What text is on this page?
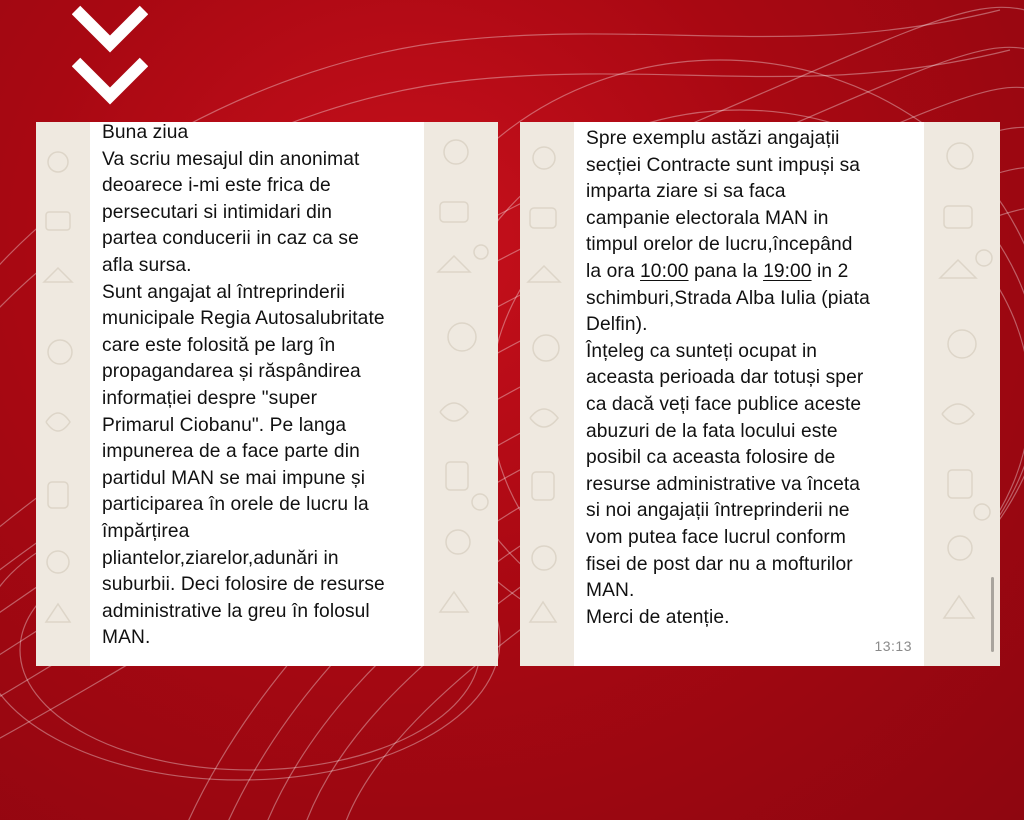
Buna ziua
Va scriu mesajul din anonimat
deoarece i-mi este frica de
persecutari si intimidari din
partea conducerii in caz ca se
afla sursa.
Sunt angajat al întreprinderii
municipale Regia Autosalubritate
care este folosită pe larg în
propagandarea și răspândirea
informației despre "super
Primarul Ciobanu". Pe langa
impunerea de a face parte din
partidul MAN se mai impune și
participarea în orele de lucru la
împărțirea
pliantelor,ziarelor,adunări in
suburbii. Deci folosire de resurse
administrative la greu în folosul
MAN.
Spre exemplu astăzi angajații
secției Contracte sunt impuși sa
imparta ziare si sa faca
campanie electorala MAN in
timpul orelor de lucru,începând
la ora 10:00 pana la 19:00 in 2
schimburi,Strada Alba Iulia (piata
Delfin).
Înțeleg ca sunteți ocupat in
aceasta perioada dar totuși sper
ca dacă veți face publice aceste
abuzuri de la fata locului este
posibil ca aceasta folosire de
resurse administrative va înceta
si noi angajații întreprinderii ne
vom putea face lucrul conform
fisei de post dar nu a mofturilor
MAN.
Merci de atenție.
13:13
